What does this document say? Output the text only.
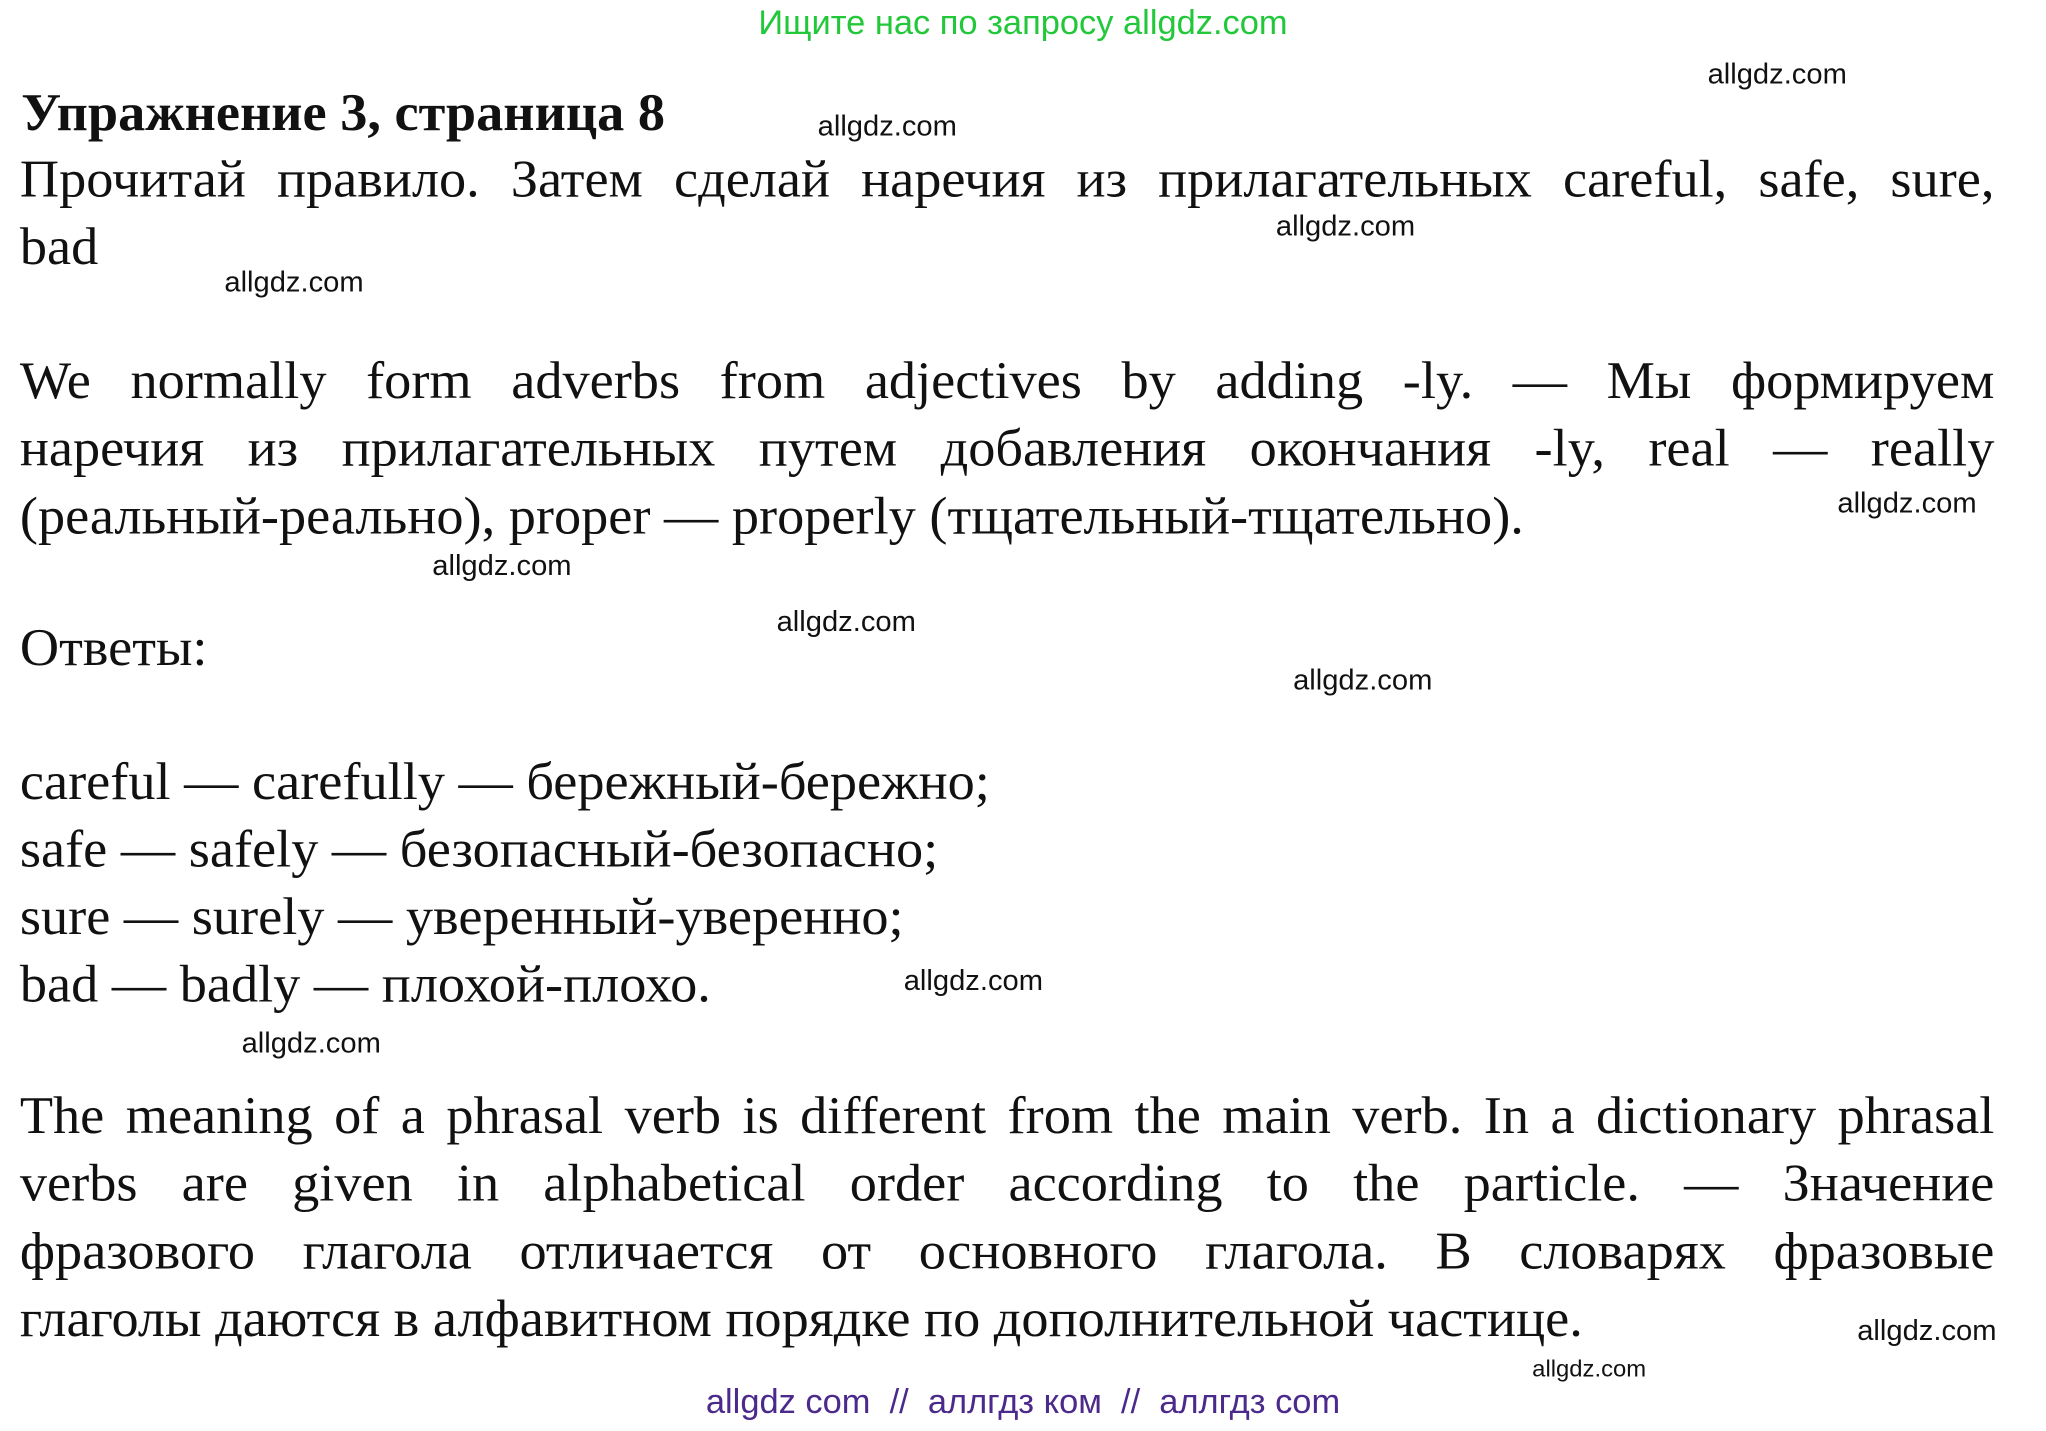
Ищите нас по запросу allgdz.com
Упражнение 3, страница 8
Прочитай правило. Затем сделай наречия из прилагательных careful, safe, sure,
bad
We normally form adverbs from adjectives by adding -ly. — Мы формируем
наречия из прилагательных путем добавления окончания -ly, real — really
(реальный-реально), proper — properly (тщательный-тщательно).
Ответы:
careful — carefully — бережный-бережно;
safe — safely — безопасный-безопасно;
sure — surely — уверенный-уверенно;
bad — badly — плохой-плохо.
The meaning of a phrasal verb is different from the main verb. In a dictionary phrasal
verbs are given in alphabetical order according to the particle. — Значение
фразового глагола отличается от основного глагола. В словарях фразовые
глаголы даются в алфавитном порядке по дополнительной частице.
allgdz.com
allgdz.com
allgdz.com
allgdz.com
allgdz.com
allgdz.com
allgdz.com
allgdz.com
allgdz.com
allgdz.com
allgdz.com
allgdz.com
allgdz com  //  аллгдз ком  //  аллгдз com
